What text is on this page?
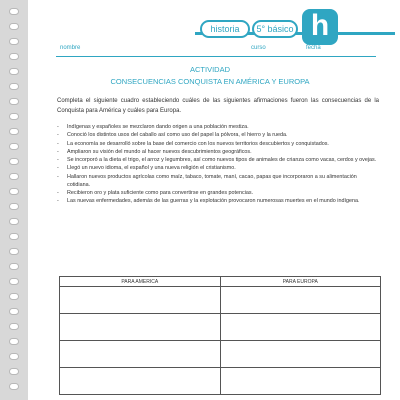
historia	5° básico h
nombre	curso	fecha
ACTIVIDAD
CONSECUENCIAS CONQUISTA EN AMÉRICA Y EUROPA

Completa el siguiente cuadro estableciendo cuáles de las siguientes afirmaciones fueron las consecuencias de la Conquista para América y cuáles para Europa.

- Indígenas y españoles se mezclaron dando origen a una población mestiza.
- Conoció los distintos usos del caballo así como uso del papel la pólvora, el hierro y la rueda.
- La economía se desarrolló sobre la base del comercio con los nuevos territorios descubiertos y conquistados.
- Ampliaron su visión del mundo al hacer nuevos descubrimientos geográficos.
- Se incorporó a la dieta el trigo, el arroz y legumbres, así como nuevos tipos de animales de crianza como vacas, cerdos y ovejas.
- Llegó un nuevo idioma, el español y una nueva religión el cristianismo.
- Hallaron nuevos productos agrícolas como maíz, tabaco, tomate, maní, cacao, papas que incorporaron a su alimentación cotidiana.
- Recibieron oro y plata suficiente como para convertirse en grandes potencias.
- Las nuevas enfermedades, además de las guerras y la explotación provocaron numerosas muertes en el mundo indígena.
PARA AMERICA	PARA EUROPA
